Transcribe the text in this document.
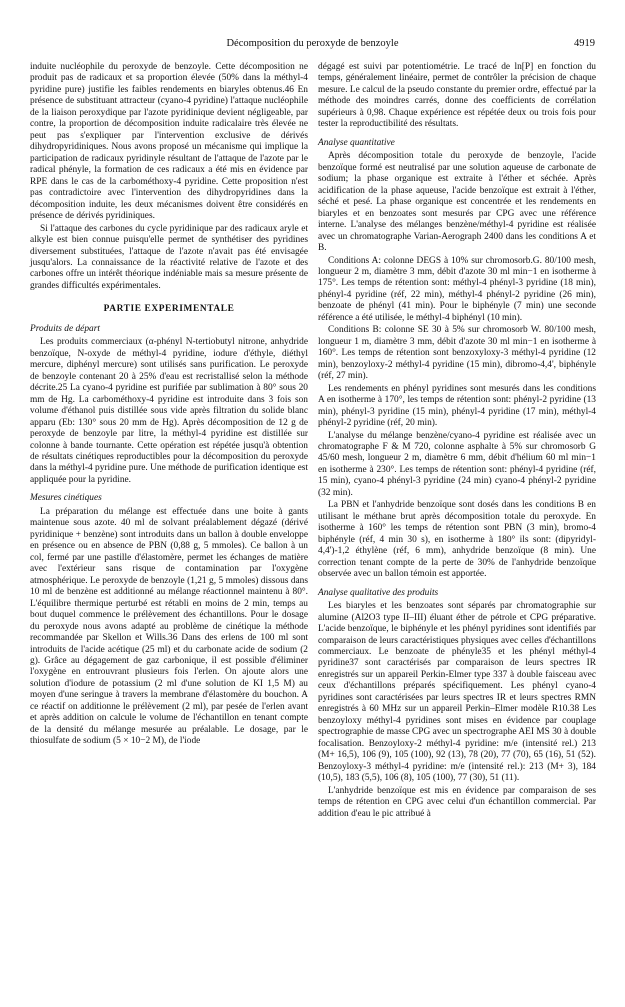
Décomposition du peroxyde de benzoyle	4919

induite nucléophile du peroxyde de benzoyle. Cette décomposition ne produit pas de radicaux et sa proportion élevée (50% dans la méthyl-4 pyridine pure) justifie les faibles rendements en biaryles obtenus.46 En présence de substituant attracteur (cyano-4 pyridine) l'attaque nucléophile de la liaison peroxydique par l'azote pyridinique devient négligeable, par contre, la proportion de décomposition induite radicalaire très élevée ne peut pas s'expliquer par l'intervention exclusive de dérivés dihydropyridiniques. Nous avons proposé un mécanisme qui implique la participation de radicaux pyridinyle résultant de l'attaque de l'azote par le radical phényle, la formation de ces radicaux a été mis en évidence par RPE dans le cas de la carbométhoxy-4 pyridine. Cette proposition n'est pas contradictoire avec l'intervention des dihydropyridines dans la décomposition induite, les deux mécanismes doivent être considérés en présence de dérivés pyridiniques.

Si l'attaque des carbones du cycle pyridinique par des radicaux aryle et alkyle est bien connue puisqu'elle permet de synthétiser des pyridines diversement substituées, l'attaque de l'azote n'avait pas été envisagée jusqu'alors. La connaissance de la réactivité relative de l'azote et des carbones offre un intérêt théorique indéniable mais sa mesure présente de grandes difficultés expérimentales.

PARTIE EXPERIMENTALE
Produits de départ

Les produits commerciaux (α-phényl N-tertiobutyl nitrone, anhydride benzoïque, N-oxyde de méthyl-4 pyridine, iodure d'éthyle, diéthyl mercure, diphényl mercure) sont utilisés sans purification. Le peroxyde de benzoyle contenant 20 à 25% d'eau est recristallisé selon la méthode décrite.25 La cyano-4 pyridine est purifiée par sublimation à 80° sous 20 mm de Hg. La carbométhoxy-4 pyridine est introduite dans 3 fois son volume d'éthanol puis distillée sous vide après filtration du solide blanc apparu (Eb: 130° sous 20 mm de Hg). Après décomposition de 12 g de peroxyde de benzoyle par litre, la méthyl-4 pyridine est distillée sur colonne à bande tournante. Cette opération est répétée jusqu'à obtention de résultats cinétiques reproductibles pour la décomposition du peroxyde dans la méthyl-4 pyridine pure. Une méthode de purification identique est appliquée pour la pyridine.

Mesures cinétiques

La préparation du mélange est effectuée dans une boite à gants maintenue sous azote. 40 ml de solvant préalablement dégazé (dérivé pyridinique + benzène) sont introduits dans un ballon à double enveloppe en présence ou en absence de PBN (0,88 g, 5 mmoles). Ce ballon à un col, fermé par une pastille d'élastomère, permet les échanges de matière avec l'extérieur sans risque de contamination par l'oxygène atmosphérique. Le peroxyde de benzoyle (1,21 g, 5 mmoles) dissous dans 10 ml de benzène est additionné au mélange réactionnel maintenu à 80°. L'équilibre thermique perturbé est rétabli en moins de 2 min, temps au bout duquel commence le prélèvement des échantillons. Pour le dosage du peroxyde nous avons adapté au problème de cinétique la méthode recommandée par Skellon et Wills.36 Dans des erlens de 100 ml sont introduits de l'acide acétique (25 ml) et du carbonate acide de sodium (2 g). Grâce au dégagement de gaz carbonique, il est possible d'éliminer l'oxygène en entrouvrant plusieurs fois l'erlen. On ajoute alors une solution d'iodure de potassium (2 ml d'une solution de KI 1,5 M) au moyen d'une seringue à travers la membrane d'élastomère du bouchon. A ce réactif on additionne le prélèvement (2 ml), par pesée de l'erlen avant et après addition on calcule le volume de l'échantillon en tenant compte de la densité du mélange mesurée au préalable. Le dosage, par le thiosulfate de sodium (5 × 10−2 M), de l'iode

dégagé est suivi par potentiométrie. Le tracé de ln[P] en fonction du temps, généralement linéaire, permet de contrôler la précision de chaque mesure. Le calcul de la pseudo constante du premier ordre, effectué par la méthode des moindres carrés, donne des coefficients de corrélation supérieurs à 0,98. Chaque expérience est répétée deux ou trois fois pour tester la reproductibilité des résultats.

Analyse quantitative

Après décomposition totale du peroxyde de benzoyle, l'acide benzoïque formé est neutralisé par une solution aqueuse de carbonate de sodium; la phase organique est extraite à l'éther et séchée. Après acidification de la phase aqueuse, l'acide benzoïque est extrait à l'éther, séché et pesé. La phase organique est concentrée et les rendements en biaryles et en benzoates sont mesurés par CPG avec une référence interne. L'analyse des mélanges benzène/méthyl-4 pyridine est réalisée avec un chromatographe Varian-Aerograph 2400 dans les conditions A et B.

Conditions A: colonne DEGS à 10% sur chromosorb.G. 80/100 mesh, longueur 2 m, diamètre 3 mm, débit d'azote 30 ml min−1 en isotherme à 175°. Les temps de rétention sont: méthyl-4 phényl-3 pyridine (18 min), phényl-4 pyridine (réf, 22 min), méthyl-4 phényl-2 pyridine (26 min), benzoate de phényl (41 min). Pour le biphényle (7 min) une seconde référence a été utilisée, le méthyl-4 biphényl (10 min).

Conditions B: colonne SE 30 à 5% sur chromosorb W. 80/100 mesh, longueur 1 m, diamètre 3 mm, débit d'azote 30 ml min−1 en isotherme à 160°. Les temps de rétention sont benzoxyloxy-3 méthyl-4 pyridine (12 min), benzoyloxy-2 méthyl-4 pyridine (15 min), dibromo-4,4', biphényle (réf, 27 min).

Les rendements en phényl pyridines sont mesurés dans les conditions A en isotherme à 170°, les temps de rétention sont: phényl-2 pyridine (13 min), phényl-3 pyridine (15 min), phényl-4 pyridine (17 min), méthyl-4 phényl-2 pyridine (réf, 20 min).

L'analyse du mélange benzène/cyano-4 pyridine est réalisée avec un chromatographe F & M 720, colonne asphalte à 5% sur chromosorb G 45/60 mesh, longueur 2 m, diamètre 6 mm, débit d'hélium 60 ml min−1 en isotherme à 230°. Les temps de rétention sont: phényl-4 pyridine (réf, 15 min), cyano-4 phényl-3 pyridine (24 min) cyano-4 phényl-2 pyridine (32 min).

La PBN et l'anhydride benzoïque sont dosés dans les conditions B en utilisant le méthane brut après décomposition totale du peroxyde. En isotherme à 160° les temps de rétention sont PBN (3 min), bromo-4 biphényle (réf, 4 min 30 s), en isotherme à 180° ils sont: (dipyridyl-4,4')-1,2 éthylène (réf, 6 mm), anhydride benzoïque (8 min). Une correction tenant compte de la perte de 30% de l'anhydride benzoïque observée avec un ballon témoin est apportée.

Analyse qualitative des produits

Les biaryles et les benzoates sont séparés par chromatographie sur alumine (Al2O3 type II–III) éluant éther de pétrole et CPG préparative. L'acide benzoïque, le biphényle et les phényl pyridines sont identifiés par comparaison de leurs caractéristiques physiques avec celles d'échantillons commerciaux. Le benzoate de phényle35 et les phényl méthyl-4 pyridine37 sont caractérisés par comparaison de leurs spectres IR enregistrés sur un appareil Perkin-Elmer type 337 à double faisceau avec ceux d'échantillons préparés spécifiquement. Les phényl cyano-4 pyridines sont caractérisées par leurs spectres IR et leurs spectres RMN enregistrés à 60 MHz sur un appareil Perkin–Elmer modèle R10.38 Les benzoyloxy méthyl-4 pyridines sont mises en évidence par couplage spectrographie de masse CPG avec un spectrographe AEI MS 30 à double focalisation. Benzoyloxy-2 méthyl-4 pyridine: m/e (intensité rel.) 213 (M+ 16,5), 106 (9), 105 (100), 92 (13), 78 (20), 77 (70), 65 (16), 51 (52). Benzoyloxy-3 méthyl-4 pyridine: m/e (intensité rel.): 213 (M+ 3), 184 (10,5), 183 (5,5), 106 (8), 105 (100), 77 (30), 51 (11).

L'anhydride benzoïque est mis en évidence par comparaison de ses temps de rétention en CPG avec celui d'un échantillon commercial. Par addition d'eau le pic attribué à
